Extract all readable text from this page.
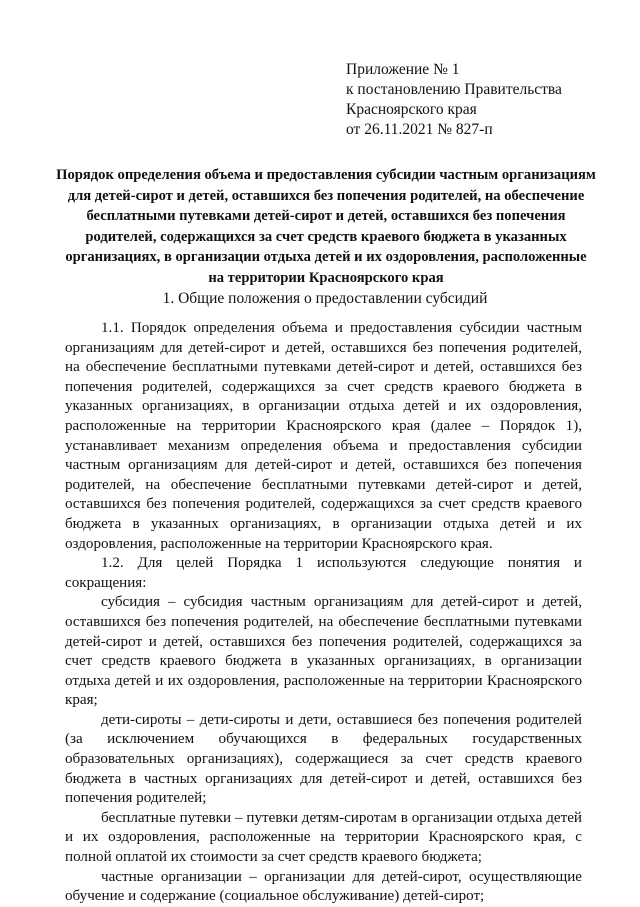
Приложение № 1
к постановлению Правительства
Красноярского края
от 26.11.2021 № 827-п
Порядок определения объема и предоставления субсидии частным организациям для детей-сирот и детей, оставшихся без попечения родителей, на обеспечение бесплатными путевками детей-сирот и детей, оставшихся без попечения родителей, содержащихся за счет средств краевого бюджета в указанных организациях, в организации отдыха детей и их оздоровления, расположенные на территории Красноярского края
1. Общие положения о предоставлении субсидий

1.1. Порядок определения объема и предоставления субсидии частным организациям для детей-сирот и детей, оставшихся без попечения родителей, на обеспечение бесплатными путевками детей-сирот и детей, оставшихся без попечения родителей, содержащихся за счет средств краевого бюджета в указанных организациях, в организации отдыха детей и их оздоровления, расположенные на территории Красноярского края (далее – Порядок 1), устанавливает механизм определения объема и предоставления субсидии частным организациям для детей-сирот и детей, оставшихся без попечения родителей, на обеспечение бесплатными путевками детей-сирот и детей, оставшихся без попечения родителей, содержащихся за счет средств краевого бюджета в указанных организациях, в организации отдыха детей и их оздоровления, расположенные на территории Красноярского края.

1.2. Для целей Порядка 1 используются следующие понятия и сокращения:

субсидия – субсидия частным организациям для детей-сирот и детей, оставшихся без попечения родителей, на обеспечение бесплатными путевками детей-сирот и детей, оставшихся без попечения родителей, содержащихся за счет средств краевого бюджета в указанных организациях, в организации отдыха детей и их оздоровления, расположенные на территории Красноярского края;

дети-сироты – дети-сироты и дети, оставшиеся без попечения родителей (за исключением обучающихся в федеральных государственных образовательных организациях), содержащиеся за счет средств краевого бюджета в частных организациях для детей-сирот и детей, оставшихся без попечения родителей;

бесплатные путевки – путевки детям-сиротам в организации отдыха детей и их оздоровления, расположенные на территории Красноярского края, с полной оплатой их стоимости за счет средств краевого бюджета;

частные организации – организации для детей-сирот, осуществляющие обучение и содержание (социальное обслуживание) детей-сирот;
